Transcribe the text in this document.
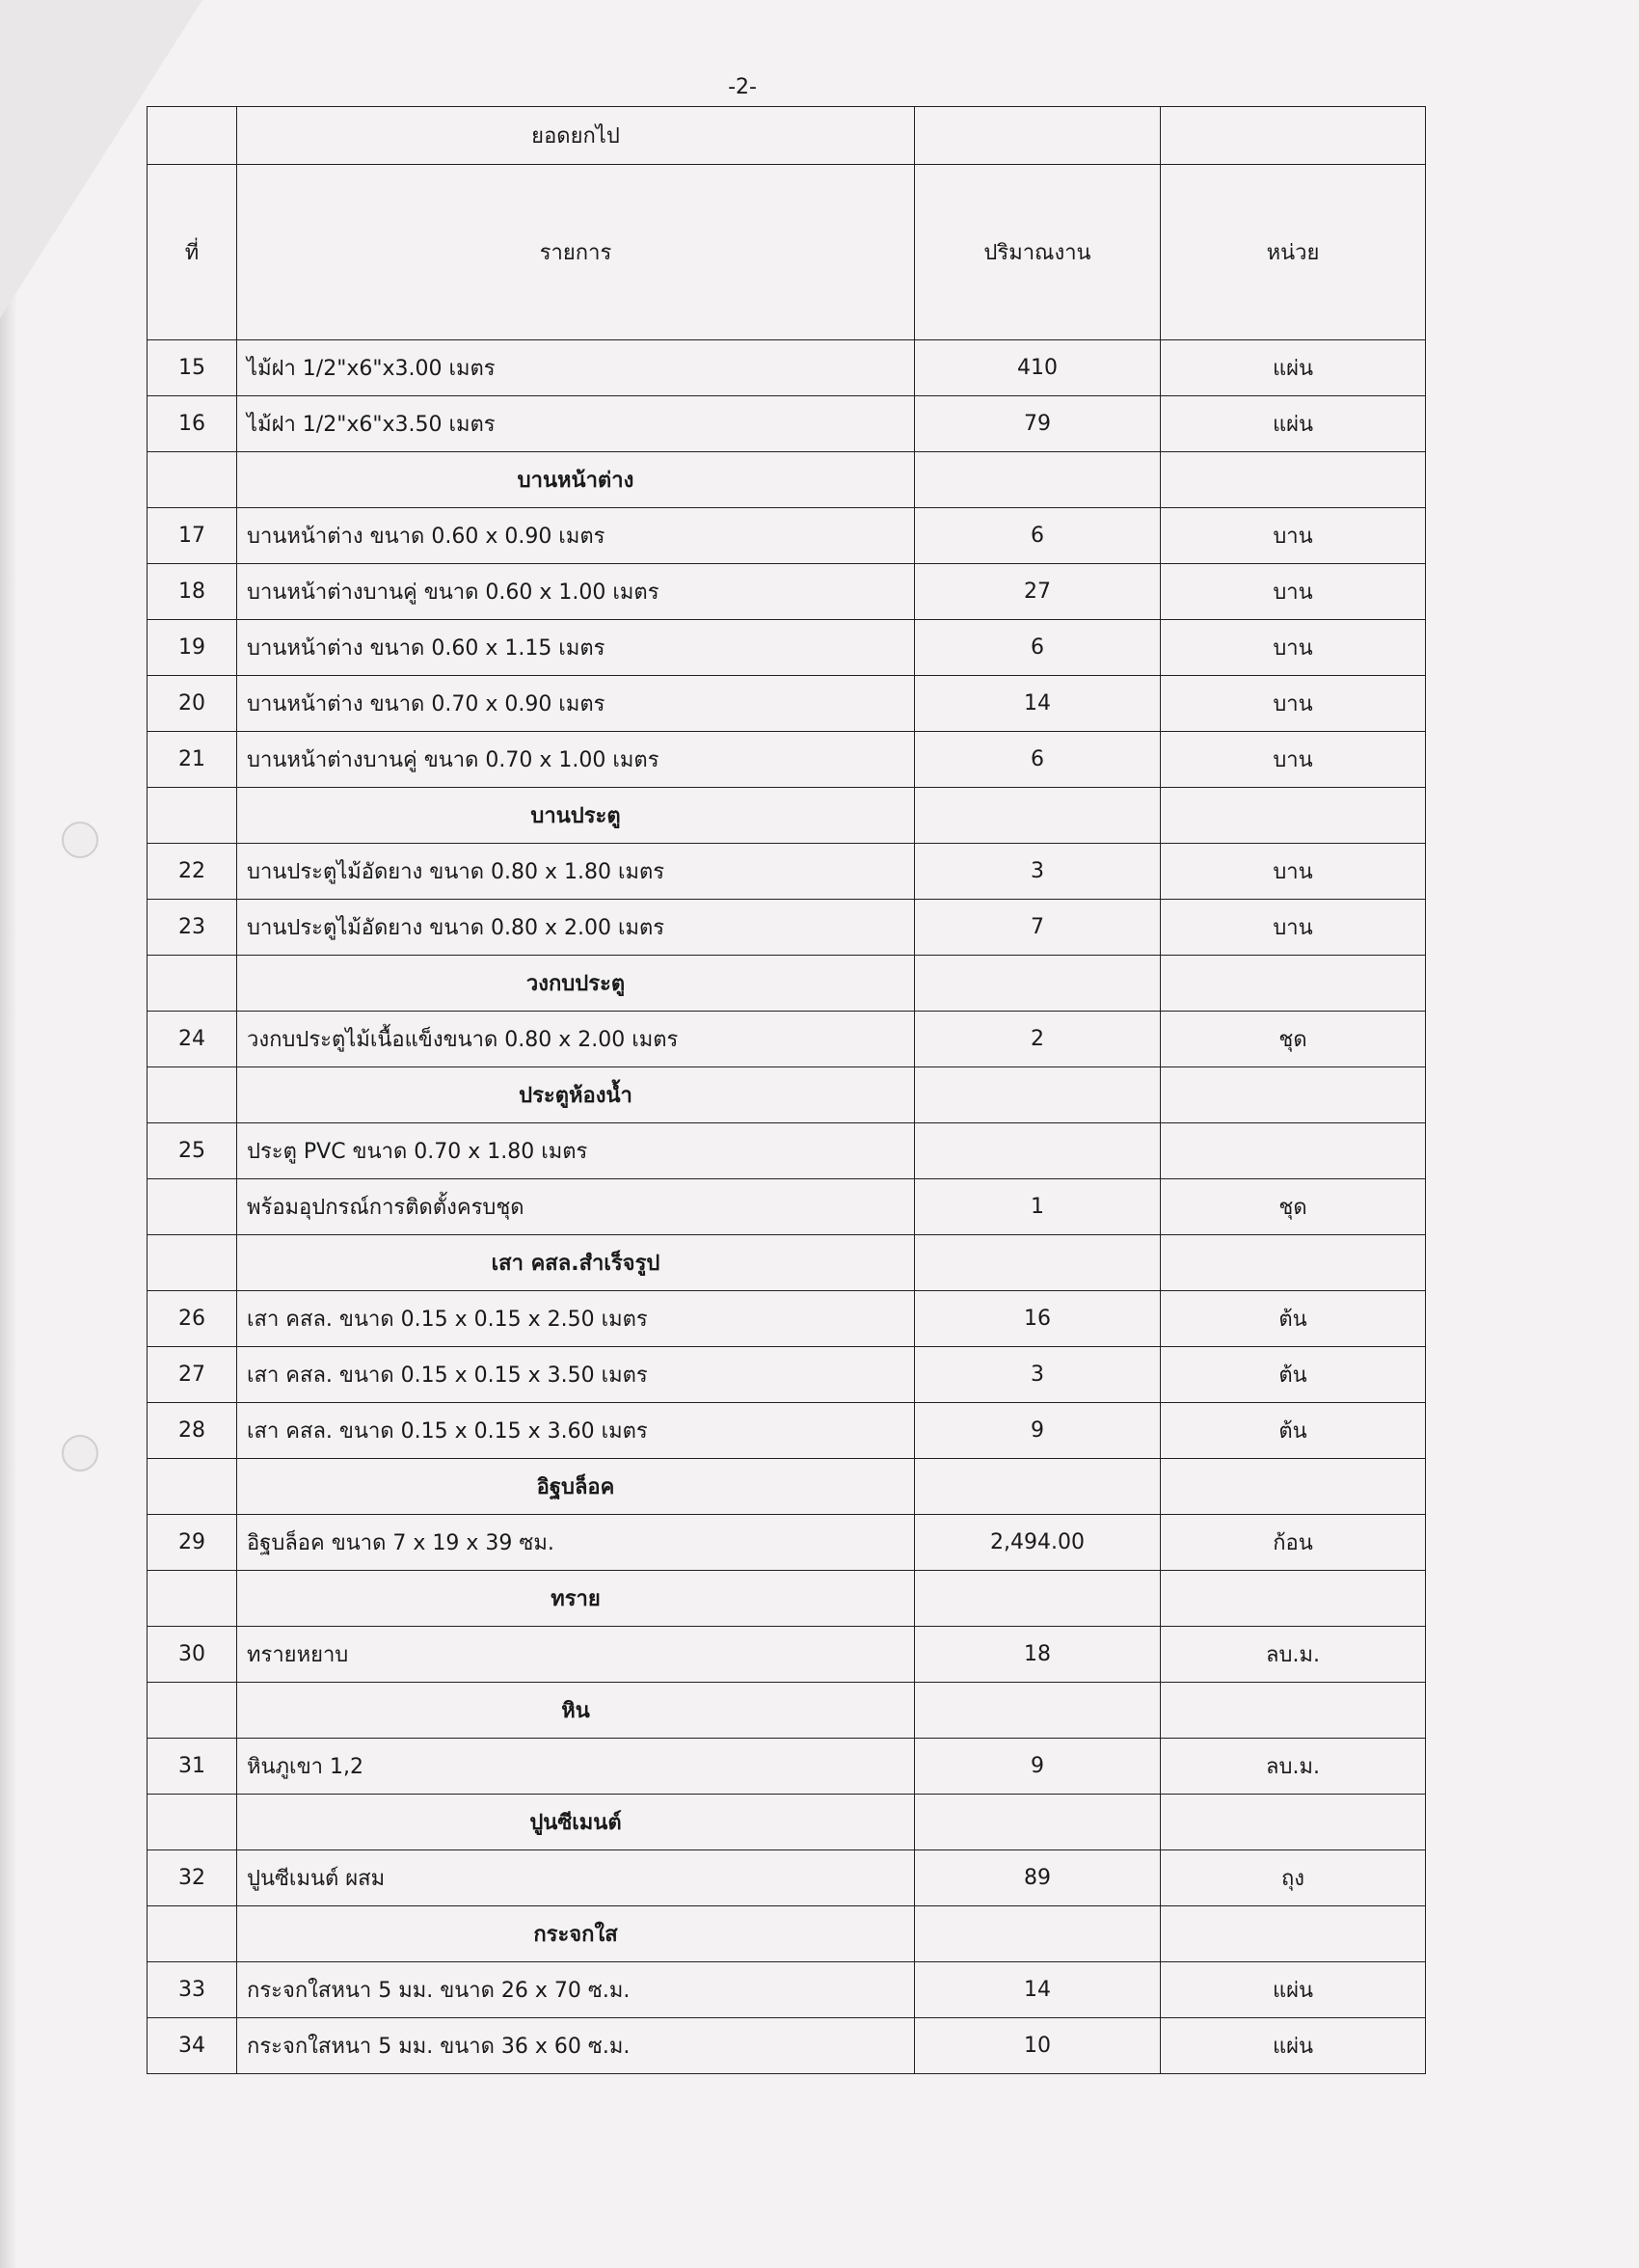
-2-
	ยอดยกไป		
ที่	รายการ	ปริมาณงาน	หน่วย
15	ไม้ฝา 1/2"x6"x3.00 เมตร	410	แผ่น
16	ไม้ฝา 1/2"x6"x3.50 เมตร	79	แผ่น
	บานหน้าต่าง		
17	บานหน้าต่าง ขนาด 0.60 x 0.90 เมตร	6	บาน
18	บานหน้าต่างบานคู่ ขนาด 0.60 x 1.00 เมตร	27	บาน
19	บานหน้าต่าง ขนาด 0.60 x 1.15 เมตร	6	บาน
20	บานหน้าต่าง ขนาด 0.70 x 0.90 เมตร	14	บาน
21	บานหน้าต่างบานคู่ ขนาด 0.70 x 1.00 เมตร	6	บาน
	บานประตู		
22	บานประตูไม้อัดยาง ขนาด 0.80 x 1.80 เมตร	3	บาน
23	บานประตูไม้อัดยาง ขนาด 0.80 x 2.00 เมตร	7	บาน
	วงกบประตู		
24	วงกบประตูไม้เนื้อแข็งขนาด 0.80 x 2.00 เมตร	2	ชุด
	ประตูห้องน้ำ		
25	ประตู PVC ขนาด 0.70 x 1.80 เมตร		
	พร้อมอุปกรณ์การติดตั้งครบชุด	1	ชุด
	เสา คสล.สำเร็จรูป		
26	เสา คสล. ขนาด 0.15 x 0.15 x 2.50 เมตร	16	ต้น
27	เสา คสล. ขนาด 0.15 x 0.15 x 3.50 เมตร	3	ต้น
28	เสา คสล. ขนาด 0.15 x 0.15 x 3.60 เมตร	9	ต้น
	อิฐบล็อค		
29	อิฐบล็อค ขนาด 7 x 19 x 39 ซม.	2,494.00	ก้อน
	ทราย		
30	ทรายหยาบ	18	ลบ.ม.
	หิน		
31	หินภูเขา 1,2	9	ลบ.ม.
	ปูนซีเมนต์		
32	ปูนซีเมนต์ ผสม	89	ถุง
	กระจกใส		
33	กระจกใสหนา 5 มม. ขนาด 26 x 70 ซ.ม.	14	แผ่น
34	กระจกใสหนา 5 มม. ขนาด 36 x 60 ซ.ม.	10	แผ่น
